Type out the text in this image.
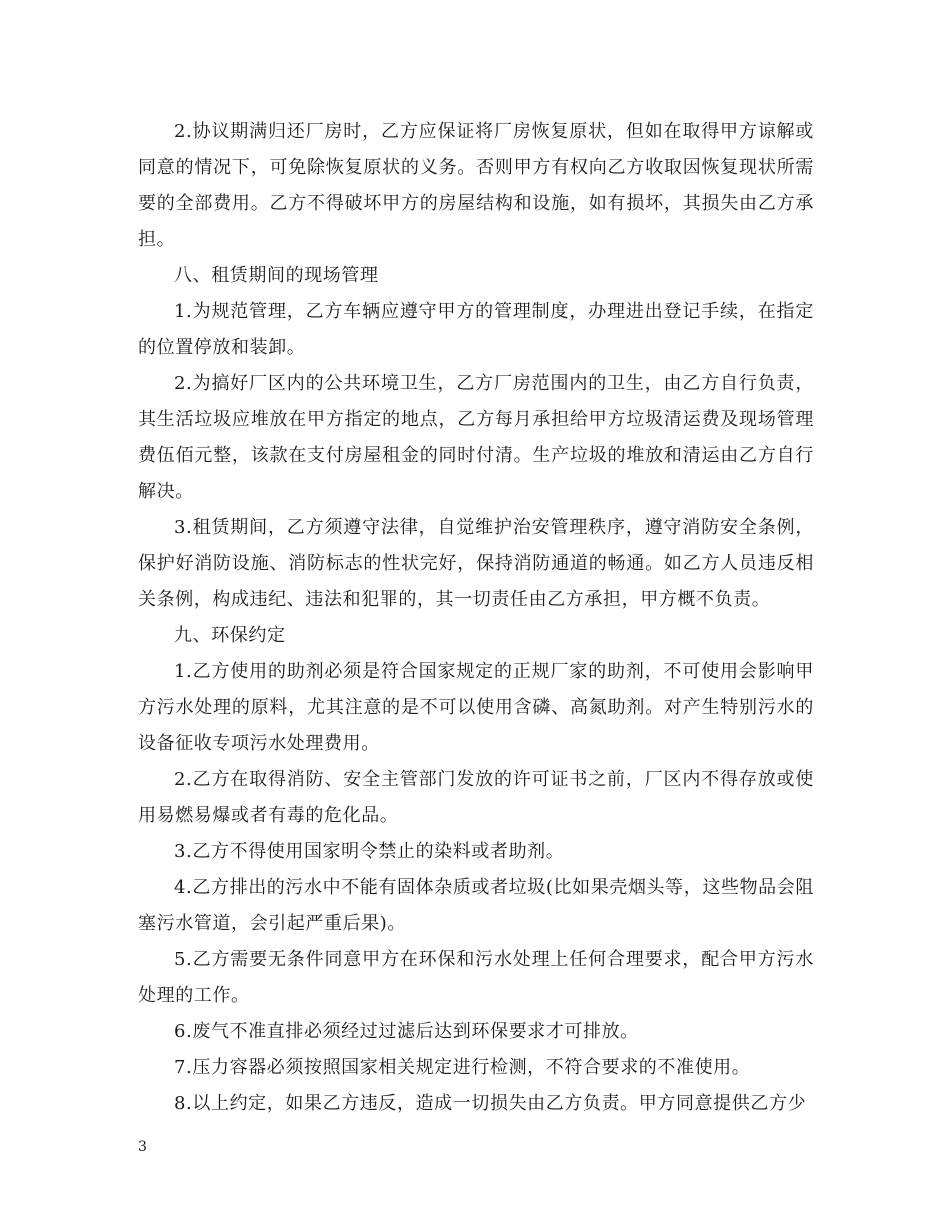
2.协议期满归还厂房时，乙方应保证将厂房恢复原状，但如在取得甲方谅解或同意的情况下，可免除恢复原状的义务。否则甲方有权向乙方收取因恢复现状所需要的全部费用。乙方不得破坏甲方的房屋结构和设施，如有损坏，其损失由乙方承担。

八、租赁期间的现场管理

1.为规范管理，乙方车辆应遵守甲方的管理制度，办理进出登记手续，在指定的位置停放和装卸。

2.为搞好厂区内的公共环境卫生，乙方厂房范围内的卫生，由乙方自行负责，其生活垃圾应堆放在甲方指定的地点，乙方每月承担给甲方垃圾清运费及现场管理费伍佰元整，该款在支付房屋租金的同时付清。生产垃圾的堆放和清运由乙方自行解决。

3.租赁期间，乙方须遵守法律，自觉维护治安管理秩序，遵守消防安全条例，保护好消防设施、消防标志的性状完好，保持消防通道的畅通。如乙方人员违反相关条例，构成违纪、违法和犯罪的，其一切责任由乙方承担，甲方概不负责。

九、环保约定

1.乙方使用的助剂必须是符合国家规定的正规厂家的助剂，不可使用会影响甲方污水处理的原料，尤其注意的是不可以使用含磷、高氮助剂。对产生特别污水的设备征收专项污水处理费用。

2.乙方在取得消防、安全主管部门发放的许可证书之前，厂区内不得存放或使用易燃易爆或者有毒的危化品。

3.乙方不得使用国家明令禁止的染料或者助剂。

4.乙方排出的污水中不能有固体杂质或者垃圾(比如果壳烟头等，这些物品会阻塞污水管道，会引起严重后果)。

5.乙方需要无条件同意甲方在环保和污水处理上任何合理要求，配合甲方污水处理的工作。

6.废气不准直排必须经过过滤后达到环保要求才可排放。

7.压力容器必须按照国家相关规定进行检测，不符合要求的不准使用。

8.以上约定，如果乙方违反，造成一切损失由乙方负责。甲方同意提供乙方少

3
